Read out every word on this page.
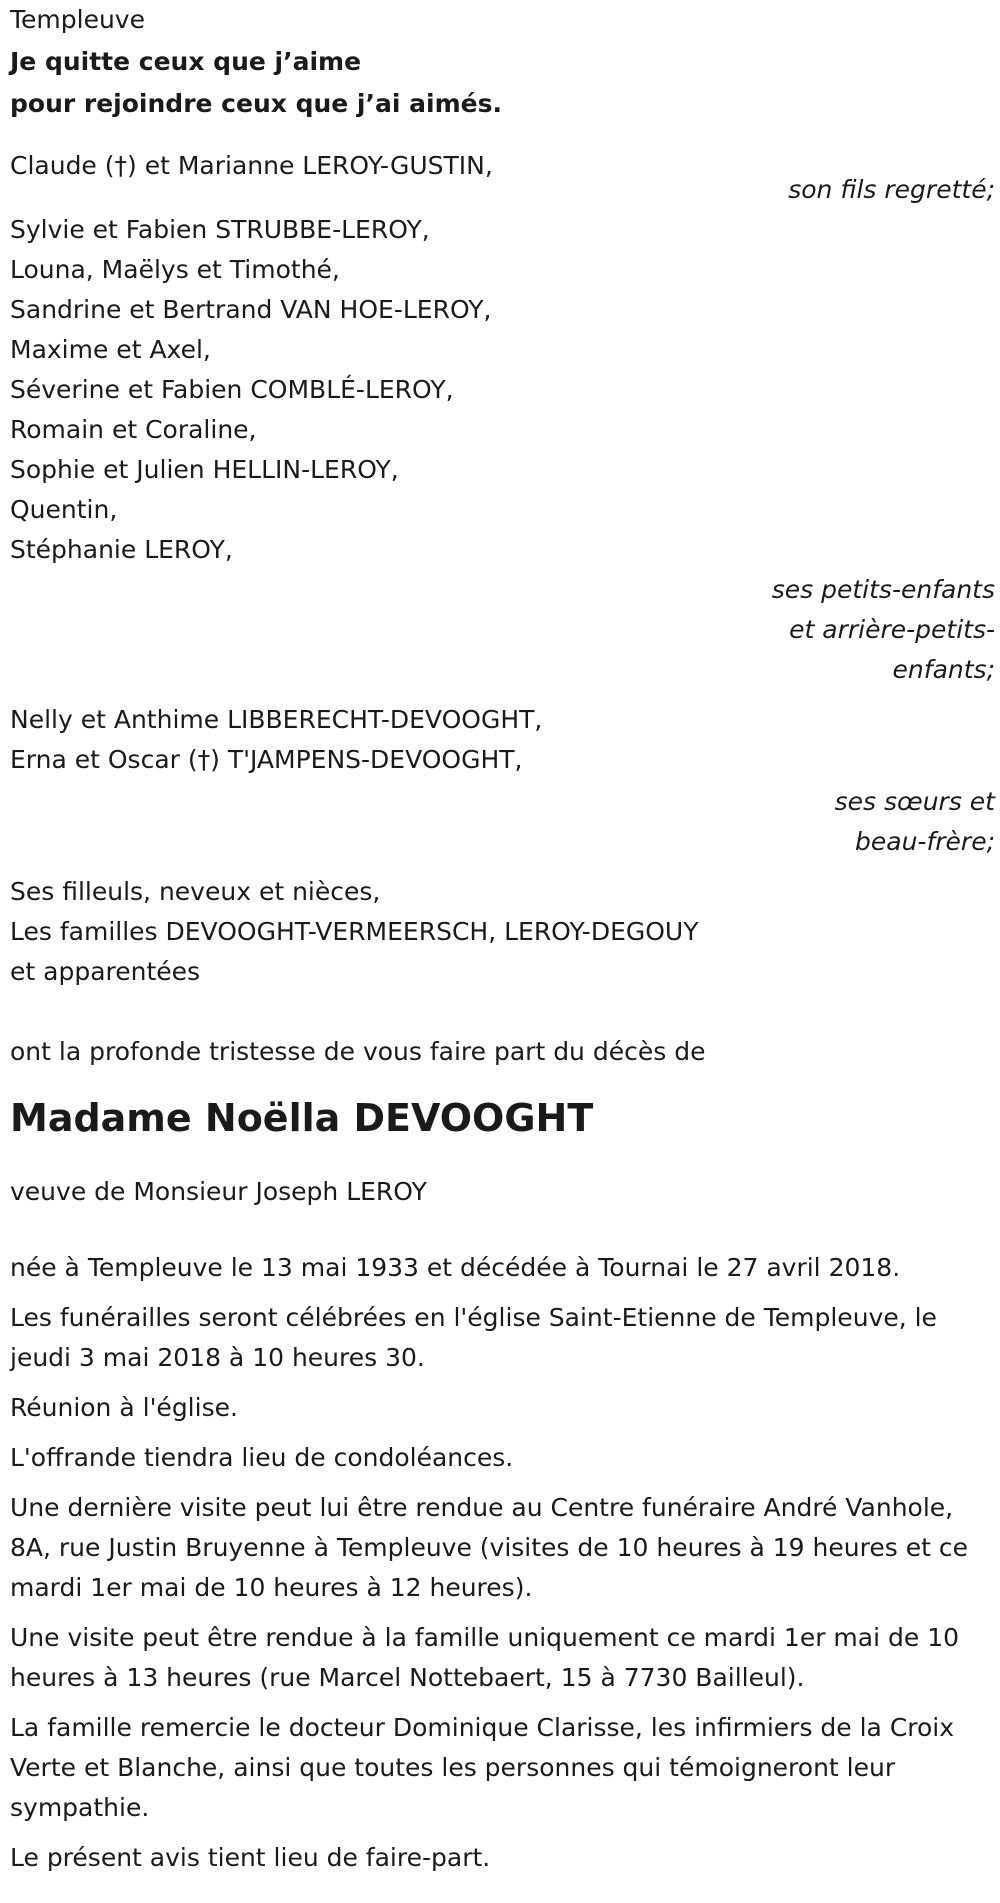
Templeuve
Je quitte ceux que j’aime
pour rejoindre ceux que j’ai aimés.
Claude (†) et Marianne LEROY-GUSTIN,
son fils regretté;
Sylvie et Fabien STRUBBE-LEROY,
Louna, Maëlys et Timothé,
Sandrine et Bertrand VAN HOE-LEROY,
Maxime et Axel,
Séverine et Fabien COMBLÉ-LEROY,
Romain et Coraline,
Sophie et Julien HELLIN-LEROY,
Quentin,
Stéphanie LEROY,
ses petits-enfants
et arrière-petits-
enfants;
Nelly et Anthime LIBBERECHT-DEVOOGHT,
Erna et Oscar (†) T'JAMPENS-DEVOOGHT,
ses sœurs et
beau-frère;
Ses filleuls, neveux et nièces,
Les familles DEVOOGHT-VERMEERSCH, LEROY-DEGOUY
et apparentées
ont la profonde tristesse de vous faire part du décès de
Madame Noëlla DEVOOGHT
veuve de Monsieur Joseph LEROY
née à Templeuve le 13 mai 1933 et décédée à Tournai le 27 avril 2018.
Les funérailles seront célébrées en l'église Saint-Etienne de Templeuve, le jeudi 3 mai 2018 à 10 heures 30.
Réunion à l'église.
L'offrande tiendra lieu de condoléances.
Une dernière visite peut lui être rendue au Centre funéraire André Vanhole, 8A, rue Justin Bruyenne à Templeuve (visites de 10 heures à 19 heures et ce mardi 1er mai de 10 heures à 12 heures).
Une visite peut être rendue à la famille uniquement ce mardi 1er mai de 10 heures à 13 heures (rue Marcel Nottebaert, 15 à 7730 Bailleul).
La famille remercie le docteur Dominique Clarisse, les infirmiers de la Croix Verte et Blanche, ainsi que toutes les personnes qui témoigneront leur sympathie.
Le présent avis tient lieu de faire-part.
